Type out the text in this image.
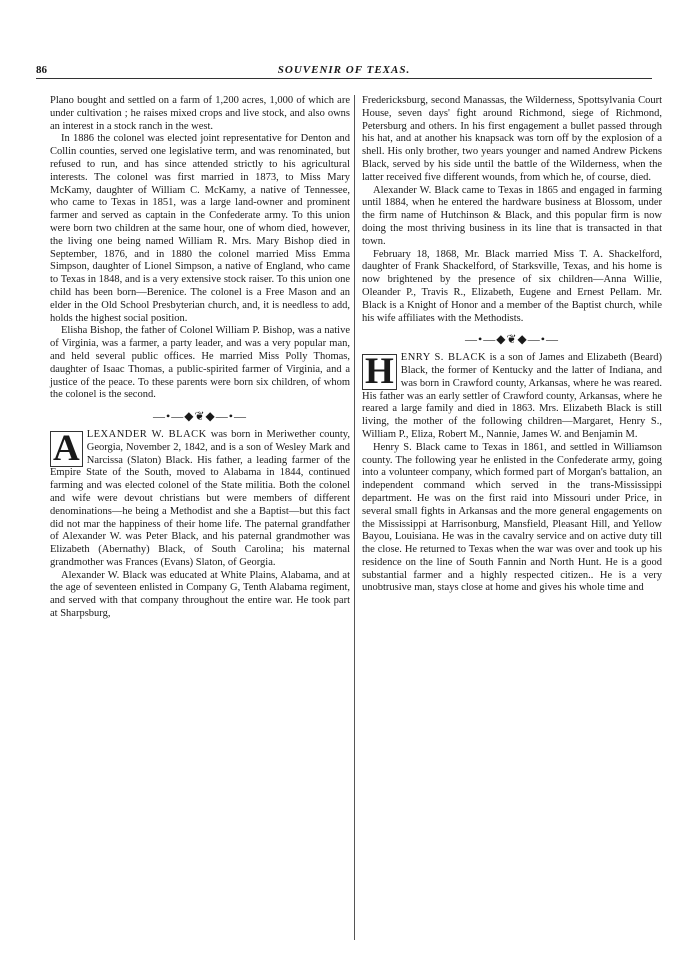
86	SOUVENIR OF TEXAS.

Plano bought and settled on a farm of 1,200 acres, 1,000 of which are under cultivation ; he raises mixed crops and live stock, and also owns an interest in a stock ranch in the west.

In 1886 the colonel was elected joint representative for Denton and Collin counties, served one legislative term, and was renominated, but refused to run, and has since attended strictly to his agricultural interests. The colonel was first married in 1873, to Miss Mary McKamy, daughter of William C. McKamy, a native of Tennessee, who came to Texas in 1851, was a large land-owner and prominent farmer and served as captain in the Confederate army. To this union were born two children at the same hour, one of whom died, however, the living one being named William R. Mrs. Mary Bishop died in September, 1876, and in 1880 the colonel married Miss Emma Simpson, daughter of Lionel Simpson, a native of England, who came to Texas in 1848, and is a very extensive stock raiser. To this union one child has been born—Berenice. The colonel is a Free Mason and an elder in the Old School Presbyterian church, and, it is needless to add, holds the highest social position.

Elisha Bishop, the father of Colonel William P. Bishop, was a native of Virginia, was a farmer, a party leader, and was a very popular man, and held several public offices. He married Miss Polly Thomas, daughter of Isaac Thomas, a public-spirited farmer of Virginia, and a justice of the peace. To these parents were born six children, of whom the colonel is the second.

—•—◆❦◆—•—

A LEXANDER W. BLACK was born in Meriwether county, Georgia, November 2, 1842, and is a son of Wesley Mark and Narcissa (Slaton) Black. His father, a leading farmer of the Empire State of the South, moved to Alabama in 1844, continued farming and was elected colonel of the State militia. Both the colonel and wife were devout christians but were members of different denominations—he being a Methodist and she a Baptist—but this fact did not mar the happiness of their home life. The paternal grandfather of Alexander W. was Peter Black, and his paternal grandmother was Elizabeth (Abernathy) Black, of South Carolina; his maternal grandmother was Frances (Evans) Slaton, of Georgia.

Alexander W. Black was educated at White Plains, Alabama, and at the age of seventeen enlisted in Company G, Tenth Alabama regiment, and served with that company throughout the entire war. He took part at Sharpsburg,

Fredericksburg, second Manassas, the Wilderness, Spottsylvania Court House, seven days' fight around Richmond, siege of Richmond, Petersburg and others. In his first engagement a bullet passed through his hat, and at another his knapsack was torn off by the explosion of a shell. His only brother, two years younger and named Andrew Pickens Black, served by his side until the battle of the Wilderness, when the latter received five different wounds, from which he, of course, died.

Alexander W. Black came to Texas in 1865 and engaged in farming until 1884, when he entered the hardware business at Blossom, under the firm name of Hutchinson & Black, and this popular firm is now doing the most thriving business in its line that is transacted in that town.

February 18, 1868, Mr. Black married Miss T. A. Shackelford, daughter of Frank Shackelford, of Starksville, Texas, and his home is now brightened by the presence of six children—Anna Willie, Oleander P., Travis R., Elizabeth, Eugene and Ernest Pellam. Mr. Black is a Knight of Honor and a member of the Baptist church, while his wife affiliates with the Methodists.

—•—◆❦◆—•—

H ENRY S. BLACK is a son of James and Elizabeth (Beard) Black, the former of Kentucky and the latter of Indiana, and was born in Crawford county, Arkansas, where he was reared. His father was an early settler of Crawford county, Arkansas, where he reared a large family and died in 1863. Mrs. Elizabeth Black is still living, the mother of the following children—Margaret, Henry S., William P., Eliza, Robert M., Nannie, James W. and Benjamin M.

Henry S. Black came to Texas in 1861, and settled in Williamson county. The following year he enlisted in the Confederate army, going into a volunteer company, which formed part of Morgan's battalion, an independent command which served in the trans-Mississippi department. He was on the first raid into Missouri under Price, in several small fights in Arkansas and the more general engagements on the Mississippi at Harrisonburg, Mansfield, Pleasant Hill, and Yellow Bayou, Louisiana. He was in the cavalry service and on active duty till the close. He returned to Texas when the war was over and took up his residence on the line of South Fannin and North Hunt. He is a good substantial farmer and a highly respected citizen.. He is a very unobtrusive man, stays close at home and gives his whole time and
